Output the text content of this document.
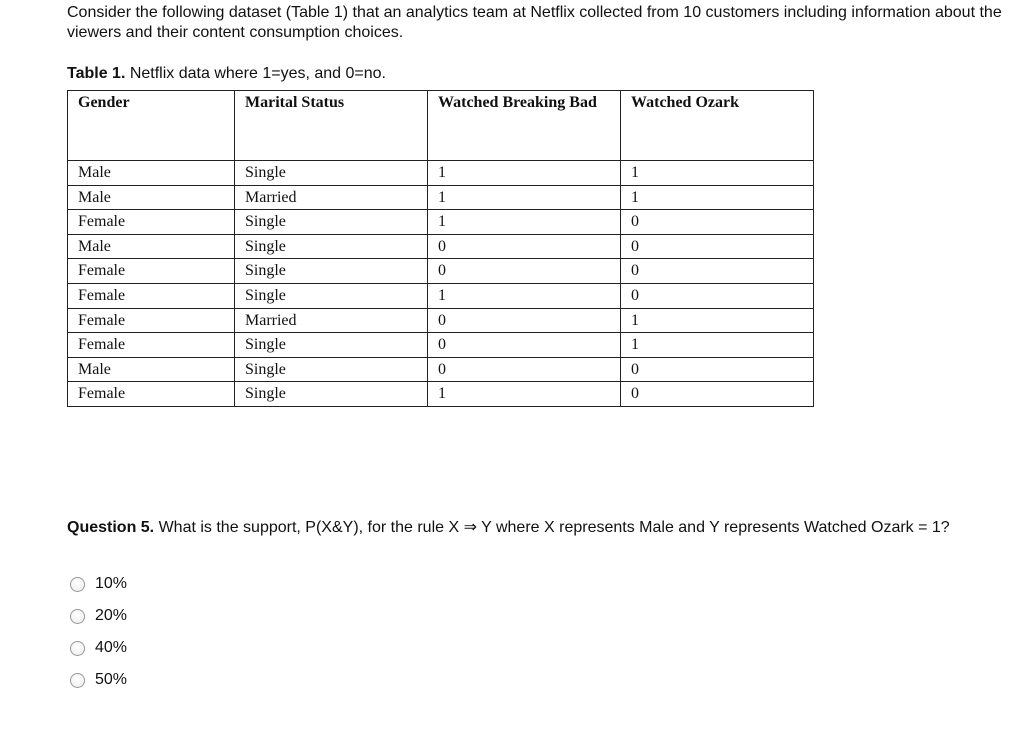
Consider the following dataset (Table 1) that an analytics team at Netflix collected from 10 customers including information about the viewers and their content consumption choices.

Table 1. Netflix data where 1=yes, and 0=no.

Gender	Marital Status	Watched Breaking Bad	Watched Ozark
Male	Single	1	1
Male	Married	1	1
Female	Single	1	0
Male	Single	0	0
Female	Single	0	0
Female	Single	1	0
Female	Married	0	1
Female	Single	0	1
Male	Single	0	0
Female	Single	1	0

Question 5. What is the support, P(X&Y), for the rule X ⇒ Y where X represents Male and Y represents Watched Ozark = 1?

10%
20%
40%
50%
